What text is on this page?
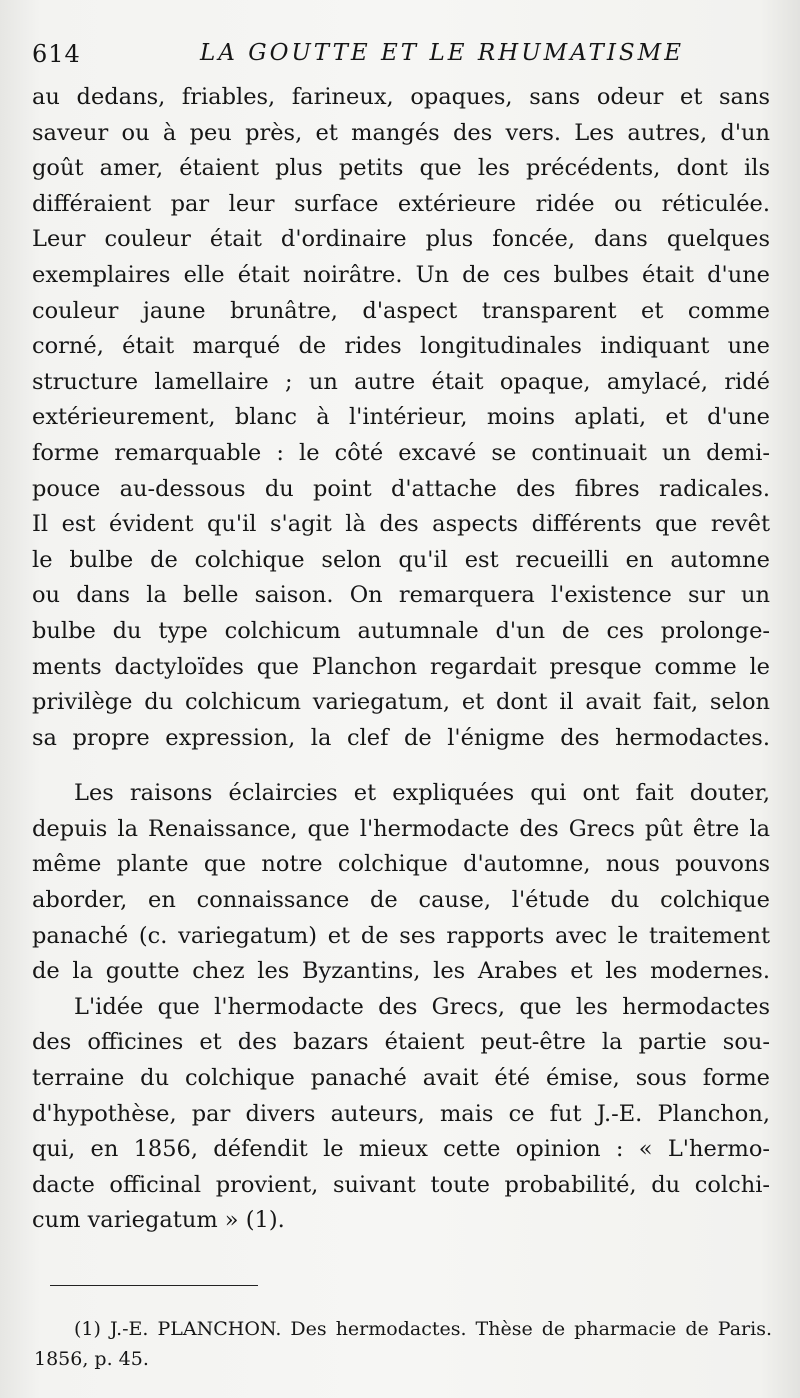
614	LA GOUTTE ET LE RHUMATISME
au dedans, friables, farineux, opaques, sans odeur et sans
saveur ou à peu près, et mangés des vers. Les autres, d'un
goût amer, étaient plus petits que les précédents, dont ils
différaient par leur surface extérieure ridée ou réticulée.
Leur couleur était d'ordinaire plus foncée, dans quelques
exemplaires elle était noirâtre. Un de ces bulbes était d'une
couleur jaune brunâtre, d'aspect transparent et comme
corné, était marqué de rides longitudinales indiquant une
structure lamellaire ; un autre était opaque, amylacé, ridé
extérieurement, blanc à l'intérieur, moins aplati, et d'une
forme remarquable : le côté excavé se continuait un demi-
pouce au-dessous du point d'attache des fibres radicales.
Il est évident qu'il s'agit là des aspects différents que revêt
le bulbe de colchique selon qu'il est recueilli en automne
ou dans la belle saison. On remarquera l'existence sur un
bulbe du type colchicum autumnale d'un de ces prolonge-
ments dactyloïdes que Planchon regardait presque comme le
privilège du colchicum variegatum, et dont il avait fait, selon
sa propre expression, la clef de l'énigme des hermodactes.
Les raisons éclaircies et expliquées qui ont fait douter,
depuis la Renaissance, que l'hermodacte des Grecs pût être la
même plante que notre colchique d'automne, nous pouvons
aborder, en connaissance de cause, l'étude du colchique
panaché (c. variegatum) et de ses rapports avec le traitement
de la goutte chez les Byzantins, les Arabes et les modernes.
L'idée que l'hermodacte des Grecs, que les hermodactes
des officines et des bazars étaient peut-être la partie sou-
terraine du colchique panaché avait été émise, sous forme
d'hypothèse, par divers auteurs, mais ce fut J.-E. Planchon,
qui, en 1856, défendit le mieux cette opinion : « L'hermo-
dacte officinal provient, suivant toute probabilité, du colchi-
cum variegatum » (1).
(1) J.-E. PLANCHON. Des hermodactes. Thèse de pharmacie de Paris.
1856, p. 45.
